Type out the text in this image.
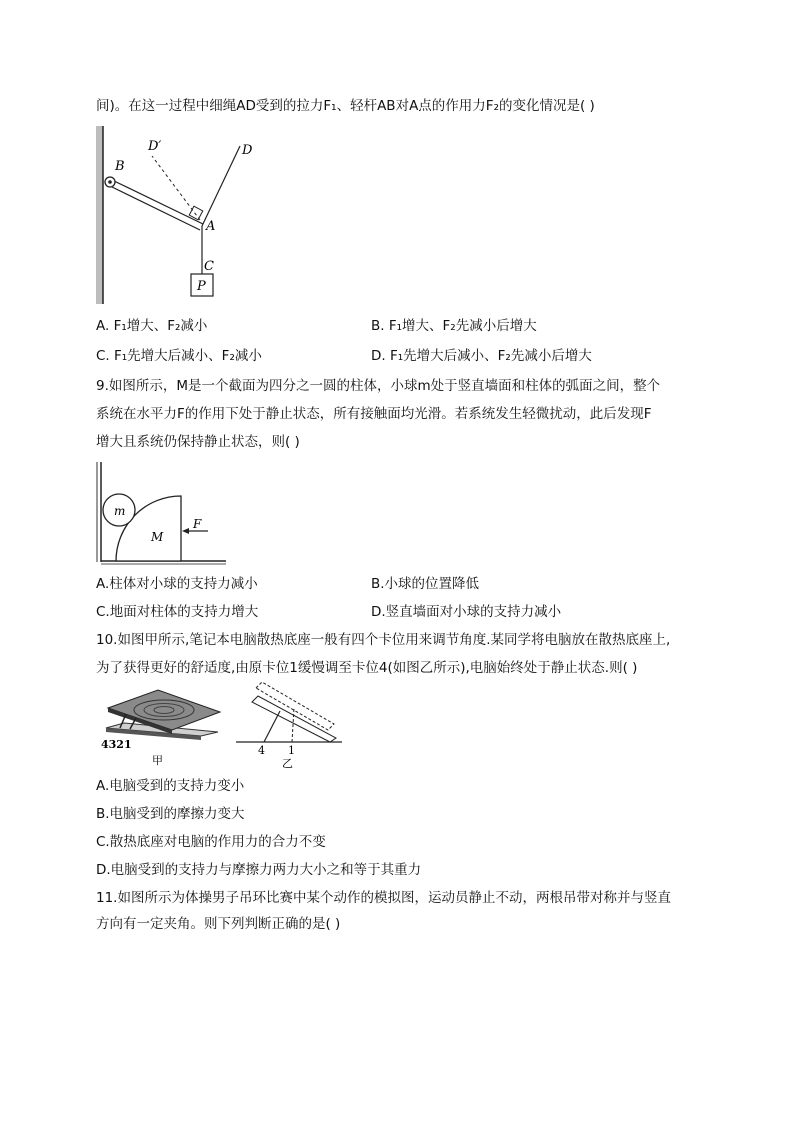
间)。在这一过程中细绳AD受到的拉力F₁、轻杆AB对A点的作用力F₂的变化情况是( )
B
D′	D
A
C
P
A. F₁增大、F₂减小	B. F₁增大、F₂先减小后增大
C. F₁先增大后减小、F₂减小	D. F₁先增大后减小、F₂先减小后增大
9.如图所示，M是一个截面为四分之一圆的柱体，小球m处于竖直墙面和柱体的弧面之间，整个
系统在水平力F的作用下处于静止状态，所有接触面均光滑。若系统发生轻微扰动，此后发现F
增大且系统仍保持静止状态，则( )
m
M
F
A.柱体对小球的支持力减小	B.小球的位置降低
C.地面对柱体的支持力增大	D.竖直墙面对小球的支持力减小
10.如图甲所示,笔记本电脑散热底座一般有四个卡位用来调节角度.某同学将电脑放在散热底座上,
为了获得更好的舒适度,由原卡位1缓慢调至卡位4(如图乙所示),电脑始终处于静止状态.则( )
4321
甲
4 1
乙
A.电脑受到的支持力变小
B.电脑受到的摩擦力变大
C.散热底座对电脑的作用力的合力不变
D.电脑受到的支持力与摩擦力两力大小之和等于其重力
11.如图所示为体操男子吊环比赛中某个动作的模拟图，运动员静止不动，两根吊带对称并与竖直
方向有一定夹角。则下列判断正确的是( )
